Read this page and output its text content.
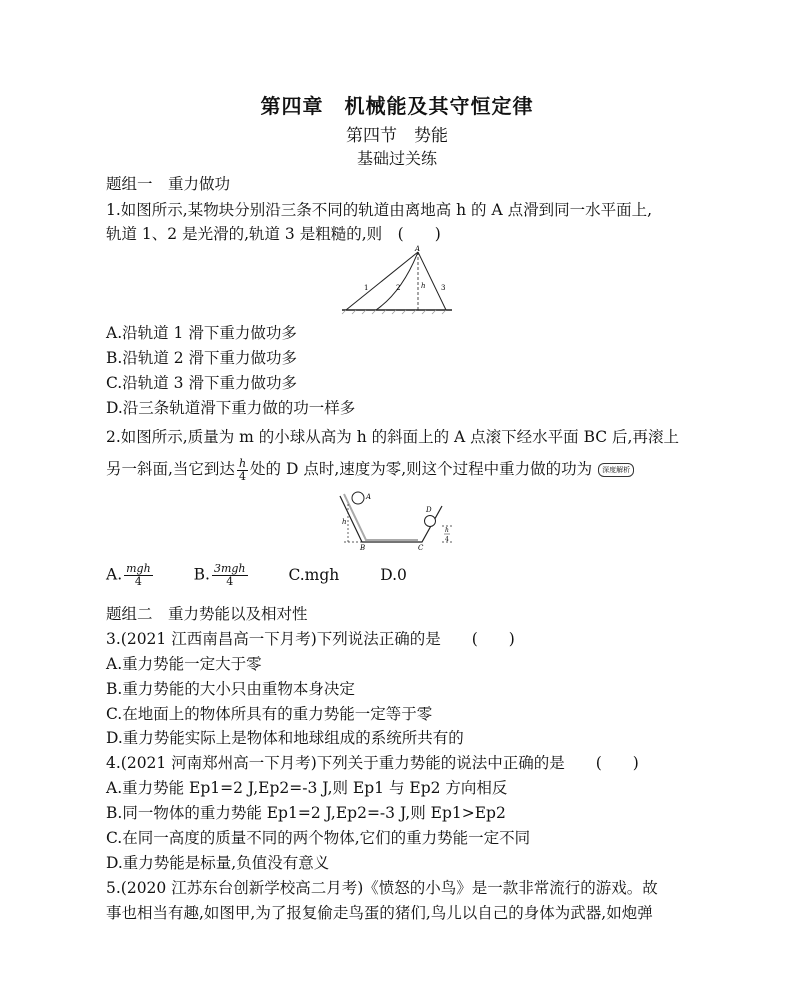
第四章　机械能及其守恒定律
第四节　势能
基础过关练
题组一　重力做功
1.如图所示,某物块分别沿三条不同的轨道由离地高 h 的 A 点滑到同一水平面上,
轨道 1、2 是光滑的,轨道 3 是粗糙的,则　(　　)
A
1	2	h 3
A.沿轨道 1 滑下重力做功多
B.沿轨道 2 滑下重力做功多
C.沿轨道 3 滑下重力做功多
D.沿三条轨道滑下重力做的功一样多
2.如图所示,质量为 m 的小球从高为 h 的斜面上的 A 点滚下经水平面 BC 后,再滚上
另一斜面,当它到达 $\frac{h}{4}$ 处的 D 点时,速度为零,则这个过程中重力做的功为 深度解析
A
h
B	C
D
h
4
A. $\frac{\text{mgh}}{4}$	B. $\frac{\text{3mgh}}{4}$	C.mgh	D.0
题组二　重力势能以及相对性
3.(2021 江西南昌高一下月考)下列说法正确的是　　(　　)
A.重力势能一定大于零
B.重力势能的大小只由重物本身决定
C.在地面上的物体所具有的重力势能一定等于零
D.重力势能实际上是物体和地球组成的系统所共有的
4.(2021 河南郑州高一下月考)下列关于重力势能的说法中正确的是　　(　　)
A.重力势能 Ep1=2 J,Ep2=-3 J,则 Ep1 与 Ep2 方向相反
B.同一物体的重力势能 Ep1=2 J,Ep2=-3 J,则 Ep1>Ep2
C.在同一高度的质量不同的两个物体,它们的重力势能一定不同
D.重力势能是标量,负值没有意义
5.(2020 江苏东台创新学校高二月考)《愤怒的小鸟》是一款非常流行的游戏。故
事也相当有趣,如图甲,为了报复偷走鸟蛋的猪们,鸟儿以自己的身体为武器,如炮弹
